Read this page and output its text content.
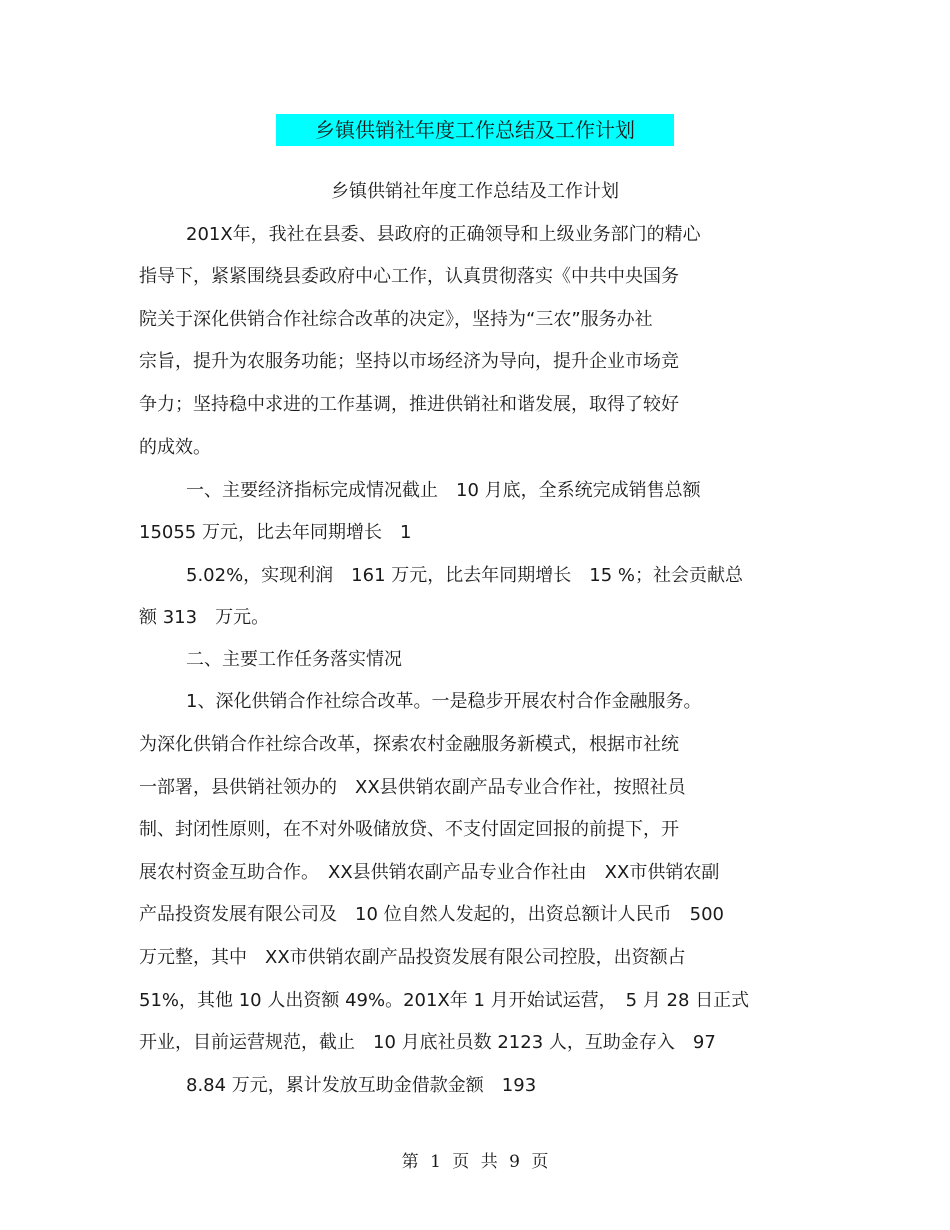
乡镇供销社年度工作总结及工作计划
乡镇供销社年度工作总结及工作计划
201X年，我社在县委、县政府的正确领导和上级业务部门的精心
指导下，紧紧围绕县委政府中心工作，认真贯彻落实《中共中央国务
院关于深化供销合作社综合改革的决定》，坚持为“三农”服务办社
宗旨，提升为农服务功能；坚持以市场经济为导向，提升企业市场竞
争力；坚持稳中求进的工作基调，推进供销社和谐发展，取得了较好
的成效。
一、主要经济指标完成情况截止　10 月底，全系统完成销售总额
15055 万元，比去年同期增长　1
5.02%，实现利润　161 万元，比去年同期增长　15 %；社会贡献总
额 313　万元。
二、主要工作任务落实情况
1、深化供销合作社综合改革。一是稳步开展农村合作金融服务。
为深化供销合作社综合改革，探索农村金融服务新模式，根据市社统
一部署，县供销社领办的　XX县供销农副产品专业合作社，按照社员
制、封闭性原则，在不对外吸储放贷、不支付固定回报的前提下，开
展农村资金互助合作。　XX县供销农副产品专业合作社由　XX市供销农副
产品投资发展有限公司及　10 位自然人发起的，出资总额计人民币　500
万元整，其中　XX市供销农副产品投资发展有限公司控股，出资额占
51%，其他 10 人出资额 49%。201X年 1 月开始试运营，　5 月 28 日正式
开业，目前运营规范，截止　10 月底社员数 2123 人，互助金存入　97
8.84 万元，累计发放互助金借款金额　193
第 1 页 共 9 页
